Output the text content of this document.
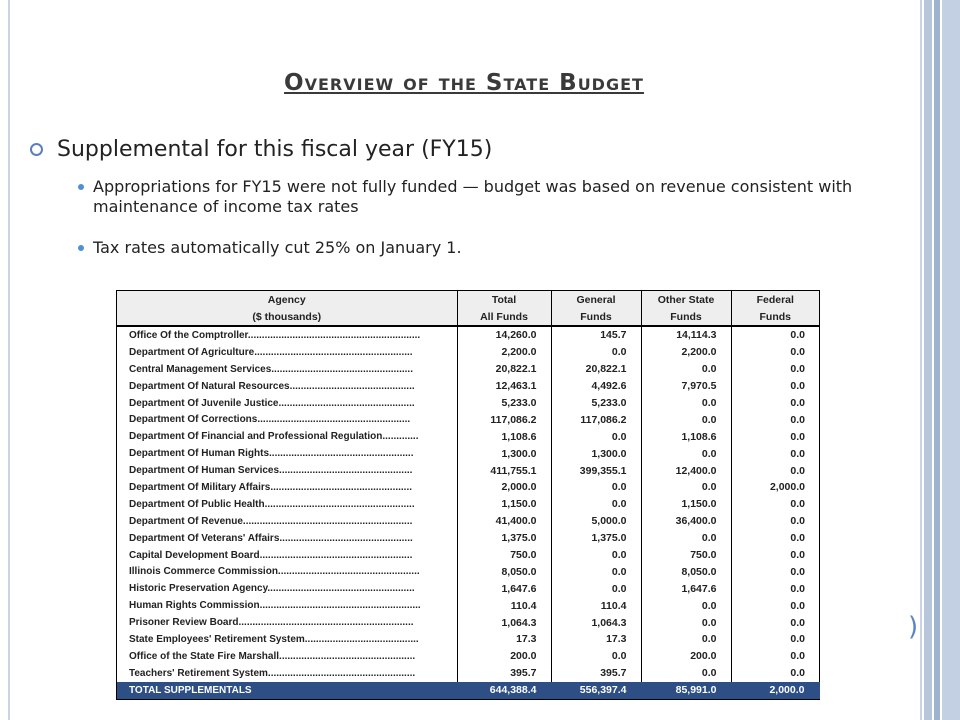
)
Overview of the State Budget
Supplemental for this fiscal year (FY15)
Appropriations for FY15 were not fully funded — budget was based on revenue consistent with maintenance of income tax rates
Tax rates automatically cut 25% on January 1.
Agency	Total	General	Other State	Federal
($ thousands)	All Funds	Funds	Funds	Funds
Office Of the Comptroller..............................................................	14,260.0	145.7	14,114.3	0.0
Department Of Agriculture.........................................................	2,200.0	0.0	2,200.0	0.0
Central Management Services...................................................	20,822.1	20,822.1	0.0	0.0
Department Of Natural Resources.............................................	12,463.1	4,492.6	7,970.5	0.0
Department Of Juvenile Justice.................................................	5,233.0	5,233.0	0.0	0.0
Department Of Corrections.......................................................	117,086.2	117,086.2	0.0	0.0
Department Of Financial and Professional Regulation.............	1,108.6	0.0	1,108.6	0.0
Department Of Human Rights....................................................	1,300.0	1,300.0	0.0	0.0
Department Of Human Services................................................	411,755.1	399,355.1	12,400.0	0.0
Department Of Military Affairs...................................................	2,000.0	0.0	0.0	2,000.0
Department Of Public Health......................................................	1,150.0	0.0	1,150.0	0.0
Department Of Revenue.............................................................	41,400.0	5,000.0	36,400.0	0.0
Department Of Veterans' Affairs................................................	1,375.0	1,375.0	0.0	0.0
Capital Development Board.......................................................	750.0	0.0	750.0	0.0
Illinois Commerce Commission...................................................	8,050.0	0.0	8,050.0	0.0
Historic Preservation Agency.....................................................	1,647.6	0.0	1,647.6	0.0
Human Rights Commission..........................................................	110.4	110.4	0.0	0.0
Prisoner Review Board...............................................................	1,064.3	1,064.3	0.0	0.0
State Employees' Retirement System.........................................	17.3	17.3	0.0	0.0
Office of the State Fire Marshall.................................................	200.0	0.0	200.0	0.0
Teachers' Retirement System.....................................................	395.7	395.7	0.0	0.0
TOTAL SUPPLEMENTALS	644,388.4	556,397.4	85,991.0	2,000.0
